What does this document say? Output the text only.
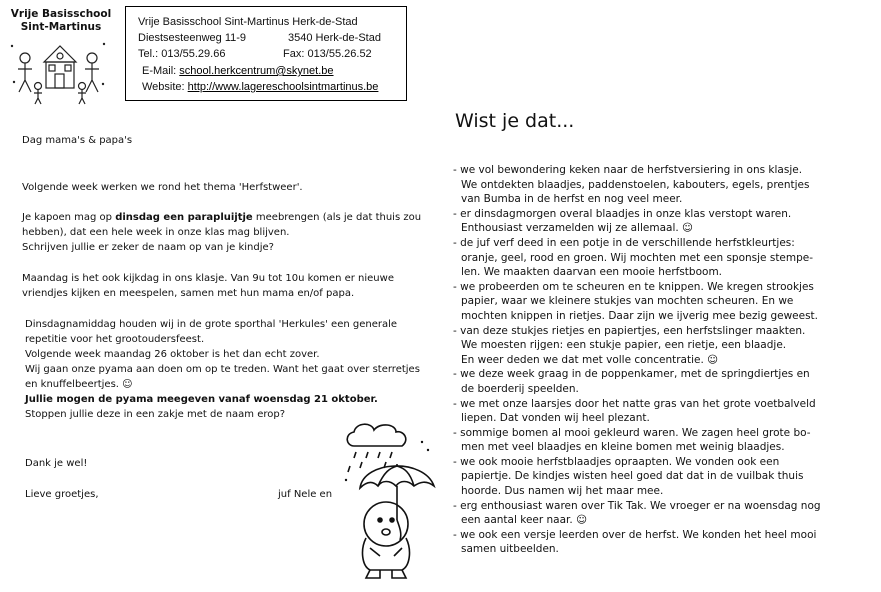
Vrije Basisschool
Sint-Martinus	Vrije Basisschool Sint-Martinus Herk-de-Stad
Diestsesteenweg 11-9	3540 Herk-de-Stad
Tel.: 013/55.29.66	Fax: 013/55.26.52
E-Mail: school.herkcentrum@skynet.be
Website: http://www.lagereschoolsintmartinus.be
Dag mama's & papa's
Volgende week werken we rond het thema 'Herfstweer'.

Je kapoen mag op dinsdag een parapluĳtje meebrengen (als je dat thuis zou

hebben), dat een hele week in onze klas mag blijven.

Schrijven jullie er zeker de naam op van je kindje?

Maandag is het ook kijkdag in ons klasje. Van 9u tot 10u komen er nieuwe

vriendjes kijken en meespelen, samen met hun mama en/of papa.

Dinsdagnamiddag houden wij in de grote sporthal 'Herkules' een generale

repetitie voor het grootoudersfeest.

Volgende week maandag 26 oktober is het dan echt zover.

Wij gaan onze pyama aan doen om op te treden. Want het gaat over sterretjes

en knuffelbeertjes. ☺

Jullie mogen de pyama meegeven vanaf woensdag 21 oktober.

Stoppen jullie deze in een zakje met de naam erop?

Dank je wel!
Lieve groetjes,	juf Nele en
Wist je dat...
- we vol bewondering keken naar de herfstversiering in ons klasje.
We ontdekten blaadjes, paddenstoelen, kabouters, egels, prentjes
van Bumba in de herfst en nog veel meer.
- er dinsdagmorgen overal blaadjes in onze klas verstopt waren.
Enthousiast verzamelden wij ze allemaal. ☺
- de juf verf deed in een potje in de verschillende herfstkleurtjes:
oranje, geel, rood en groen. Wij mochten met een sponsje stempe-
len. We maakten daarvan een mooie herfstboom.
- we probeerden om te scheuren en te knippen. We kregen strookjes
papier, waar we kleinere stukjes van mochten scheuren. En we
mochten knippen in rietjes. Daar zijn we ijverig mee bezig geweest.
- van deze stukjes rietjes en papiertjes, een herfstslinger maakten.
We moesten rijgen: een stukje papier, een rietje, een blaadje.
En weer deden we dat met volle concentratie. ☺
- we deze week graag in de poppenkamer, met de springdiertjes en
de boerderij speelden.
- we met onze laarsjes door het natte gras van het grote voetbalveld
liepen. Dat vonden wij heel plezant.
- sommige bomen al mooi gekleurd waren. We zagen heel grote bo-
men met veel blaadjes en kleine bomen met weinig blaadjes.
- we ook mooie herfstblaadjes opraapten. We vonden ook een
papiertje. De kindjes wisten heel goed dat dat in de vuilbak thuis
hoorde. Dus namen wij het maar mee.
- erg enthousiast waren over Tik Tak. We vroeger er na woensdag nog
een aantal keer naar. ☺
- we ook een versje leerden over de herfst. We konden het heel mooi
samen uitbeelden.
